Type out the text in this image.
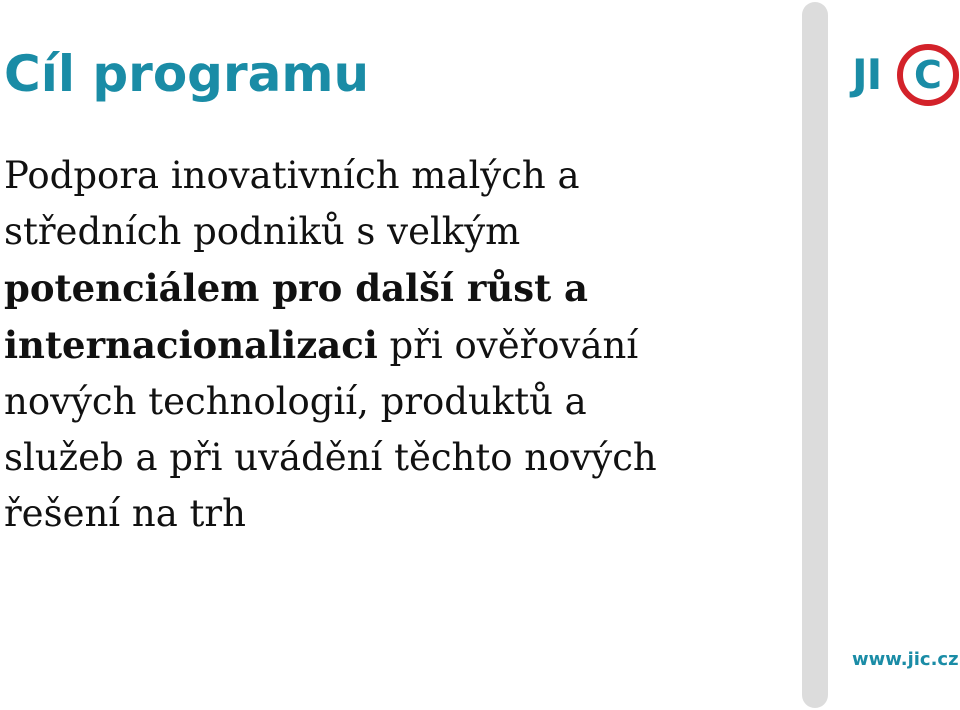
Cíl programu

Podpora inovativních malých a
středních podniků s velkým
potenciálem pro další růst a
internacionalizaci při ověřování
nových technologií, produktů a
služeb a při uvádění těchto nových
řešení na trh

JI C
www.jic.cz
